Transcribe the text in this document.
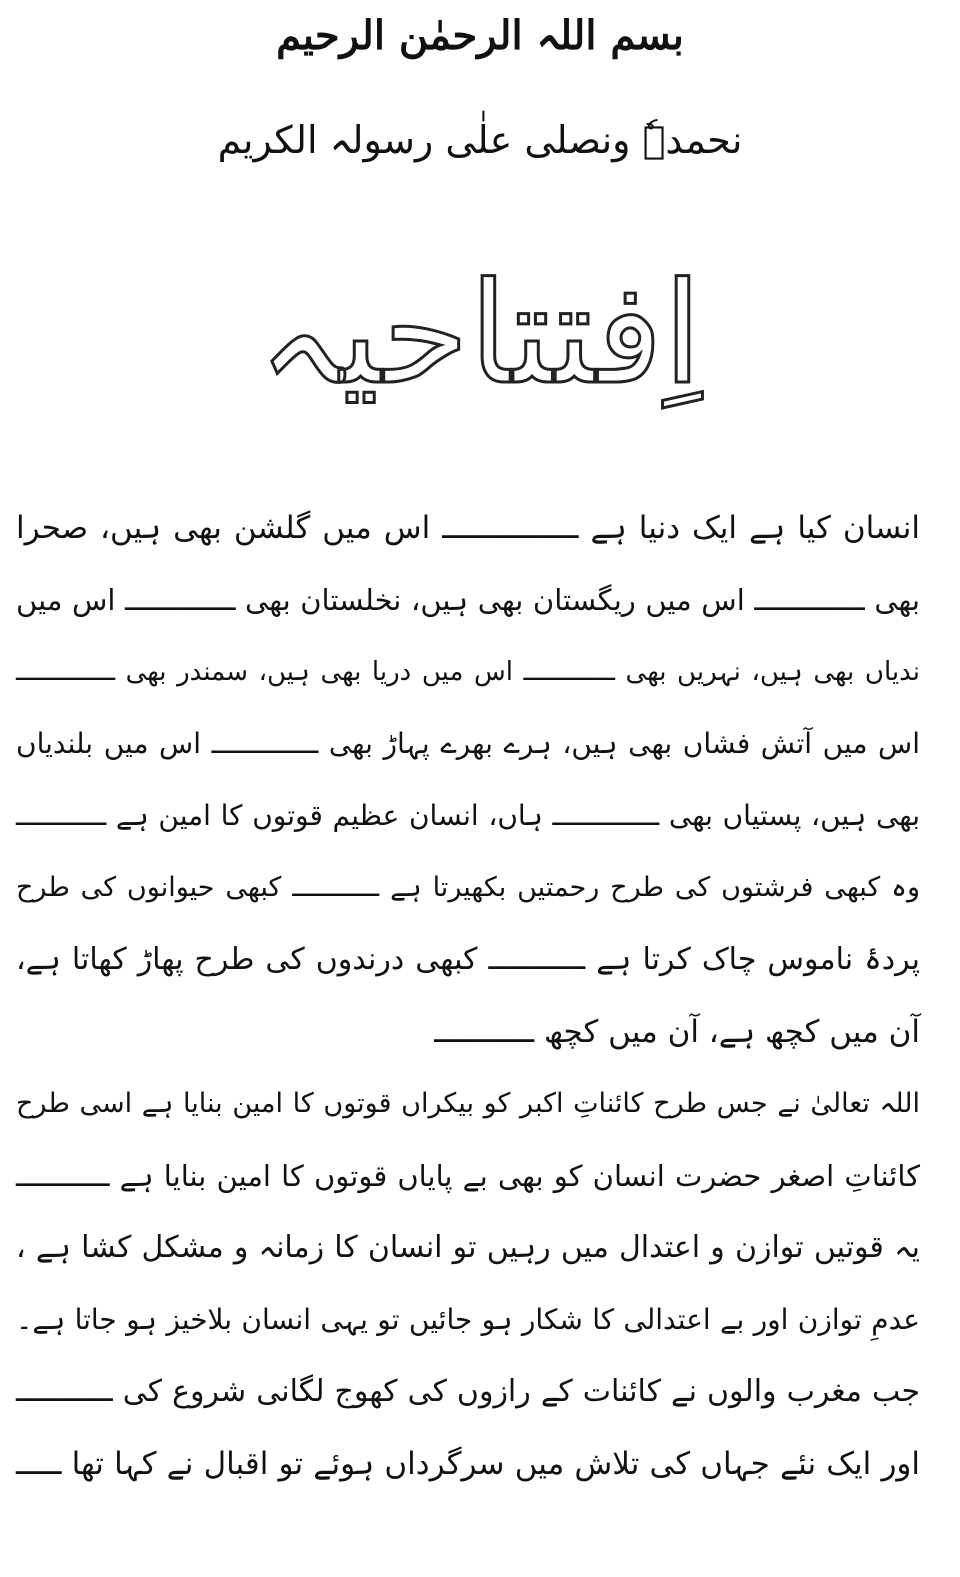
بسم اللہ الرحمٰن الرحیم
نحمدہٗ ونصلی علٰی رسولہ الکریم
اِفتتاحیہ
انسان کیا ہے ایک دنیا ہے ـــــــــــــــ اس میں گلشن بھی ہیں، صحرا
بھی ـــــــــــــ اس میں ریگستان بھی ہیں، نخلستان بھی ـــــــــــــ اس میں
ندیاں بھی ہیں، نہریں بھی ــــــــــــ اس میں دریا بھی ہیں، سمندر بھی ـــــــــــــ
اس میں آتش فشاں بھی ہیں، ہرے بھرے پہاڑ بھی ـــــــــــــ اس میں بلندیاں
بھی ہیں، پستیاں بھی ـــــــــــــ ہاں، انسان عظیم قوتوں کا امین ہے ـــــــــــ
وہ کبھی فرشتوں کی طرح رحمتیں بکھیرتا ہے ـــــــــــ کبھی حیوانوں کی طرح
پردۂ ناموس چاک کرتا ہے ـــــــــــ کبھی درندوں کی طرح پھاڑ کھاتا ہے،
آن میں کچھ ہے، آن میں کچھ ـــــــــــ
اللہ تعالیٰ نے جس طرح کائناتِ اکبر کو بیکراں قوتوں کا امین بنایا ہے اسی طرح
کائناتِ اصغر حضرت انسان کو بھی بے پایاں قوتوں کا امین بنایا ہے ـــــــــــ
یہ قوتیں توازن و اعتدال میں رہیں تو انسان کا زمانہ و مشکل کشا ہے ،
عدمِ توازن اور بے اعتدالی کا شکار ہو جائیں تو یہی انسان بلاخیز ہو جاتا ہے۔
جب مغرب والوں نے کائنات کے رازوں کی کھوج لگانی شروع کی ـــــــــــ
اور ایک نئے جہاں کی تلاش میں سرگرداں ہوئے تو اقبال نے کہا تھا ـــــ
